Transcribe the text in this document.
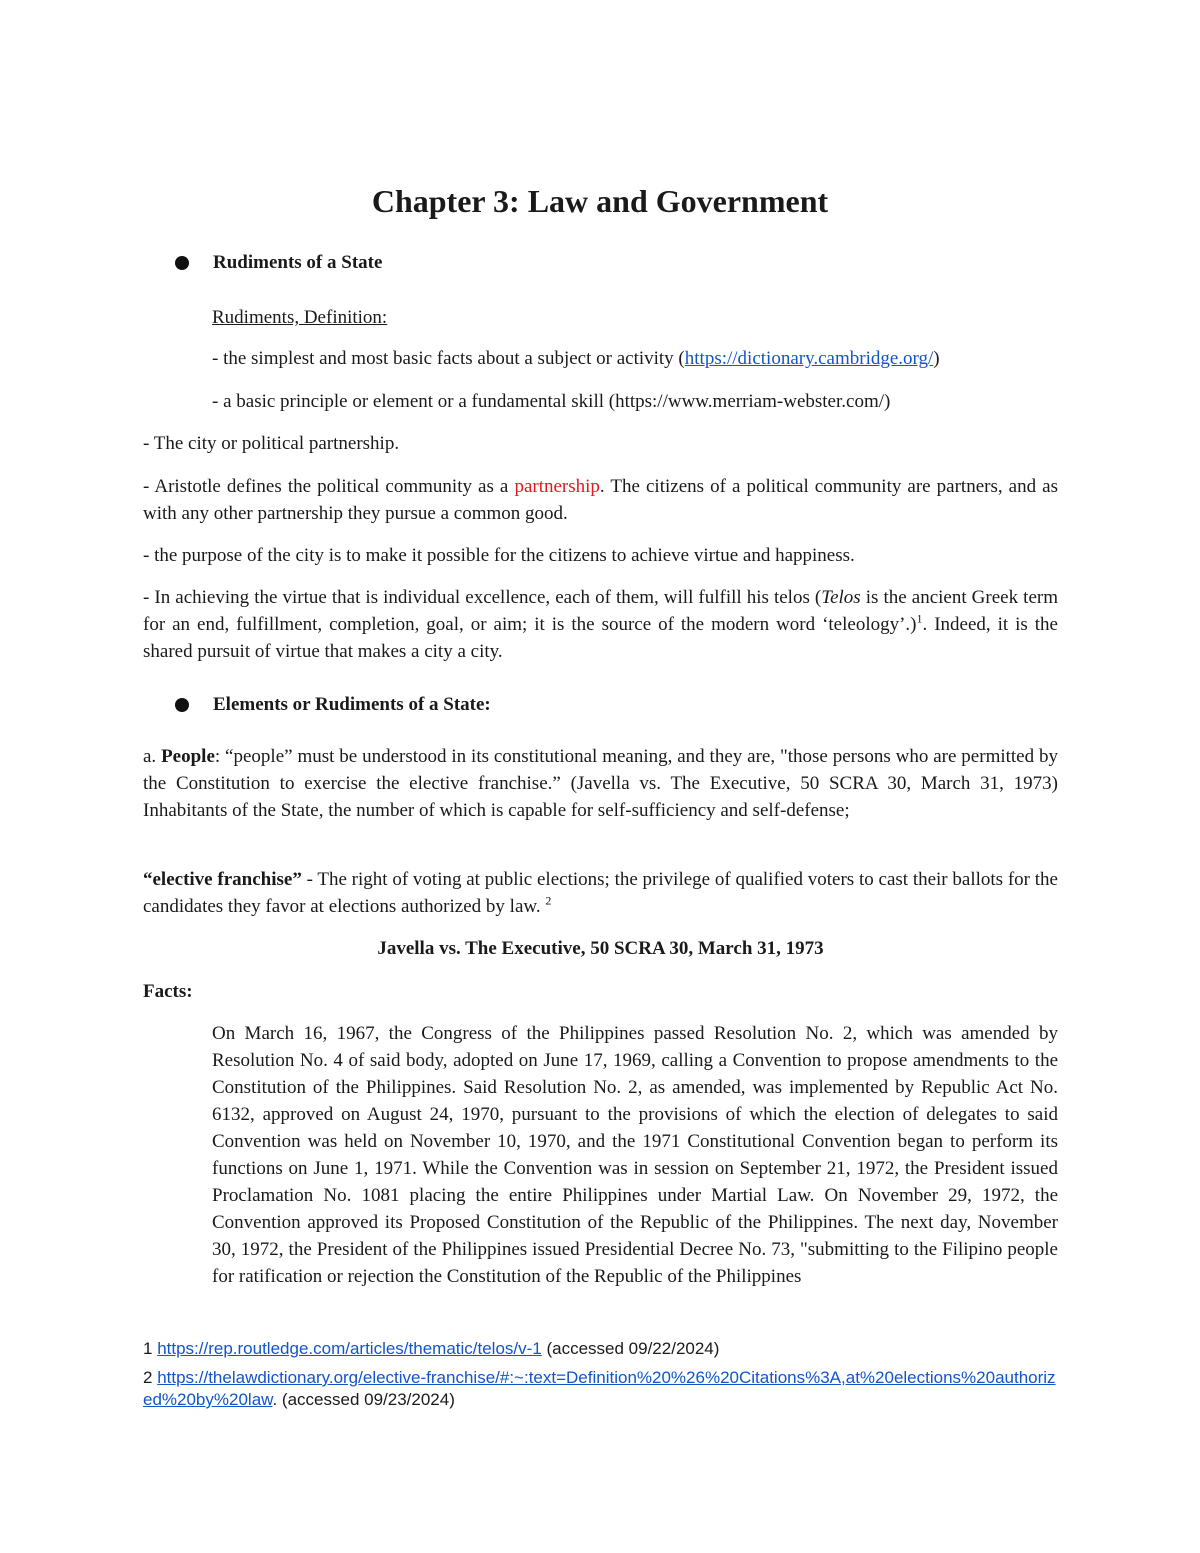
Chapter 3: Law and Government
Rudiments of a State

Rudiments, Definition:

- the simplest and most basic facts about a subject or activity (https://dictionary.cambridge.org/)

- a basic principle or element or a fundamental skill (https://www.merriam-webster.com/)

- The city or political partnership.

- Aristotle defines the political community as a partnership. The citizens of a political community are partners, and as with any other partnership they pursue a common good.

- the purpose of the city is to make it possible for the citizens to achieve virtue and happiness.

- In achieving the virtue that is individual excellence, each of them, will fulfill his telos (Telos is the ancient Greek term for an end, fulfillment, completion, goal, or aim; it is the source of the modern word ‘teleology’.)$^1$. Indeed, it is the shared pursuit of virtue that makes a city a city.

Elements or Rudiments of a State:

a. People: “people” must be understood in its constitutional meaning, and they are, "those persons who are permitted by the Constitution to exercise the elective franchise.” (Javella vs. The Executive, 50 SCRA 30, March 31, 1973) Inhabitants of the State, the number of which is capable for self-sufficiency and self-defense;

“elective franchise” - The right of voting at public elections; the privilege of qualified voters to cast their ballots for the candidates they favor at elections authorized by law. $^2$

Javella vs. The Executive, 50 SCRA 30, March 31, 1973

Facts:

On March 16, 1967, the Congress of the Philippines passed Resolution No. 2, which was amended by Resolution No. 4 of said body, adopted on June 17, 1969, calling a Convention to propose amendments to the Constitution of the Philippines. Said Resolution No. 2, as amended, was implemented by Republic Act No. 6132, approved on August 24, 1970, pursuant to the provisions of which the election of delegates to said Convention was held on November 10, 1970, and the 1971 Constitutional Convention began to perform its functions on June 1, 1971. While the Convention was in session on September 21, 1972, the President issued Proclamation No. 1081 placing the entire Philippines under Martial Law. On November 29, 1972, the Convention approved its Proposed Constitution of the Republic of the Philippines. The next day, November 30, 1972, the President of the Philippines issued Presidential Decree No. 73, "submitting to the Filipino people for ratification or rejection the Constitution of the Republic of the Philippines

1 https://rep.routledge.com/articles/thematic/telos/v-1 (accessed 09/22/2024)

2 https://thelawdictionary.org/elective-franchise/#:~:text=Definition%20%26%20Citations%3A,at%20elections%20authorized%20by%20law. (accessed 09/23/2024)
